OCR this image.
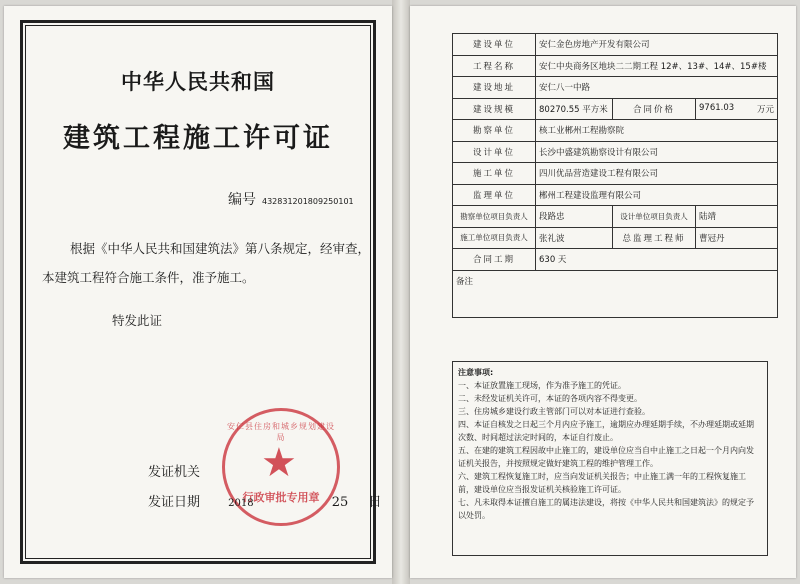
中华人民共和国
建筑工程施工许可证
编号 432831201809250101
根据《中华人民共和国建筑法》第八条规定，经审查，
本建筑工程符合施工条件，准予施工。
特发此证
安仁县住房和城乡规划建设局
★
行政审批专用章
发证机关
发证日期	2018	25 日
建设单位	安仁金色房地产开发有限公司		
工程名称	安仁中央商务区地块二二期工程 12#、13#、14#、15#楼		
建设地址	安仁八一中路		
建设规模	80270.55 平方米	合同价格	9761.03 万元

勘察单位	核工业郴州工程勘察院		
设计单位	长沙中盛建筑勘察设计有限公司		
施工单位	四川优品营造建设工程有限公司		
监理单位	郴州工程建设监理有限公司		
勘察单位项目负责人	段路忠	设计单位项目负责人	陆靖
施工单位项目负责人	张礼波	总监理工程师	曹冠丹
合同工期	630 天		
备注			
注意事项:
一、本证放置施工现场，作为准予施工的凭证。
二、未经发证机关许可，本证的各项内容不得变更。
三、住房城乡建设行政主管部门可以对本证进行查验。
四、本证自核发之日起三个月内应予施工，逾期应办理延期手续，不办理延期或延期
次数、时间超过法定时间的，本证自行废止。
五、在建的建筑工程因故中止施工的，建设单位应当自中止施工之日起一个月内向发
证机关报告，并按照规定做好建筑工程的维护管理工作。
六、建筑工程恢复施工时，应当向发证机关报告；中止施工满一年的工程恢复施工
前，建设单位应当报发证机关核验施工许可证。
七、凡未取得本证擅自施工的属违法建设，将按《中华人民共和国建筑法》的规定予
以处罚。
